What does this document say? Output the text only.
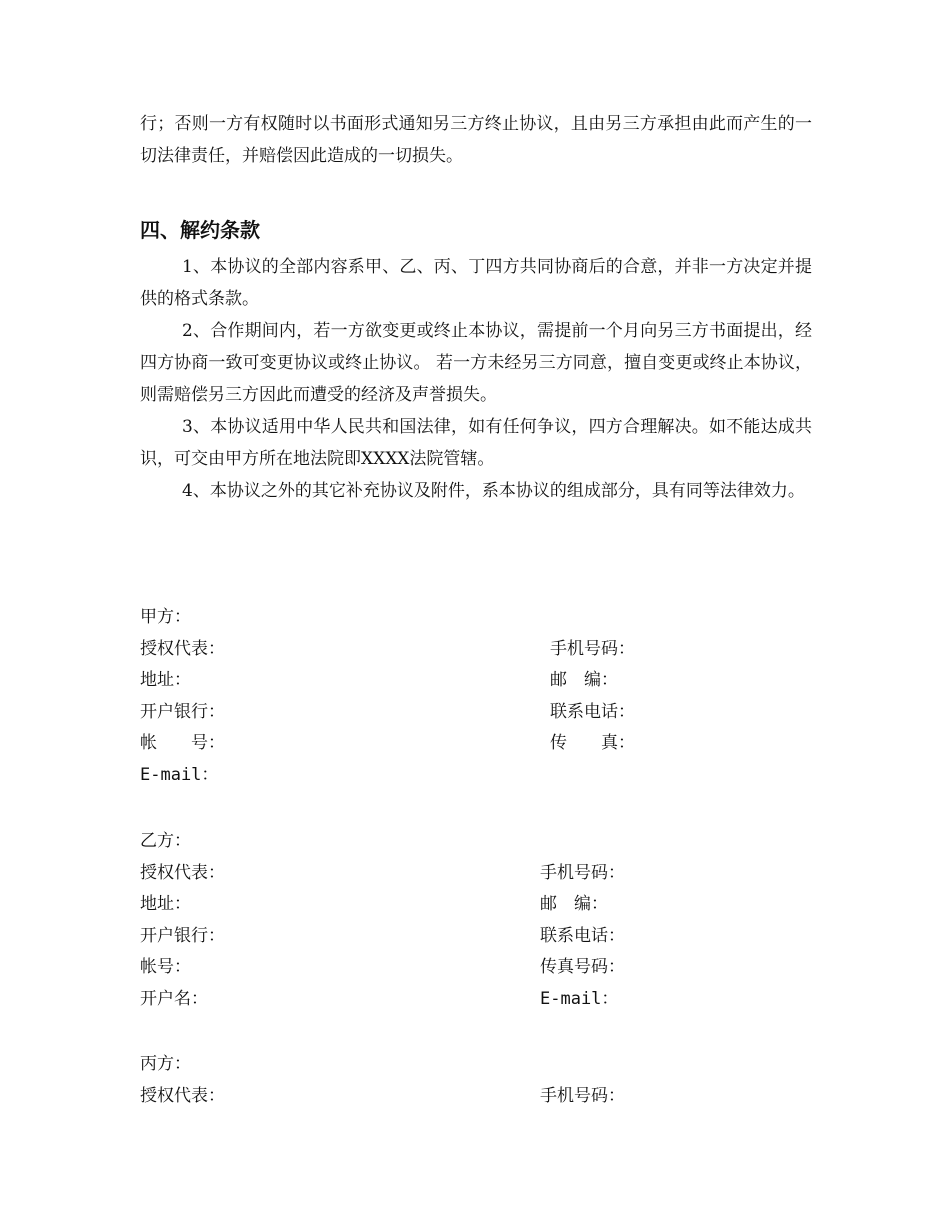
行；否则一方有权随时以书面形式通知另三方终止协议，且由另三方承担由此而产生的一切法律责任，并赔偿因此造成的一切损失。

四、解约条款

1、本协议的全部内容系甲、乙、丙、丁四方共同协商后的合意，并非一方决定并提供的格式条款。

2、合作期间内，若一方欲变更或终止本协议，需提前一个月向另三方书面提出，经四方协商一致可变更协议或终止协议。 若一方未经另三方同意，擅自变更或终止本协议，则需赔偿另三方因此而遭受的经济及声誉损失。

3、本协议适用中华人民共和国法律，如有任何争议，四方合理解决。如不能达成共识，可交由甲方所在地法院即XXXX法院管辖。

4、本协议之外的其它补充协议及附件，系本协议的组成部分，具有同等法律效力。

甲方：
授权代表：	手机号码：
地址：	邮　编：
开户银行：	联系电话：
帐　　号：	传　　真：
E-mail：
乙方：
授权代表：	手机号码：
地址：	邮　编：
开户银行：	联系电话：
帐号：	传真号码：
开户名：	E-mail：
丙方：
授权代表：	手机号码：
